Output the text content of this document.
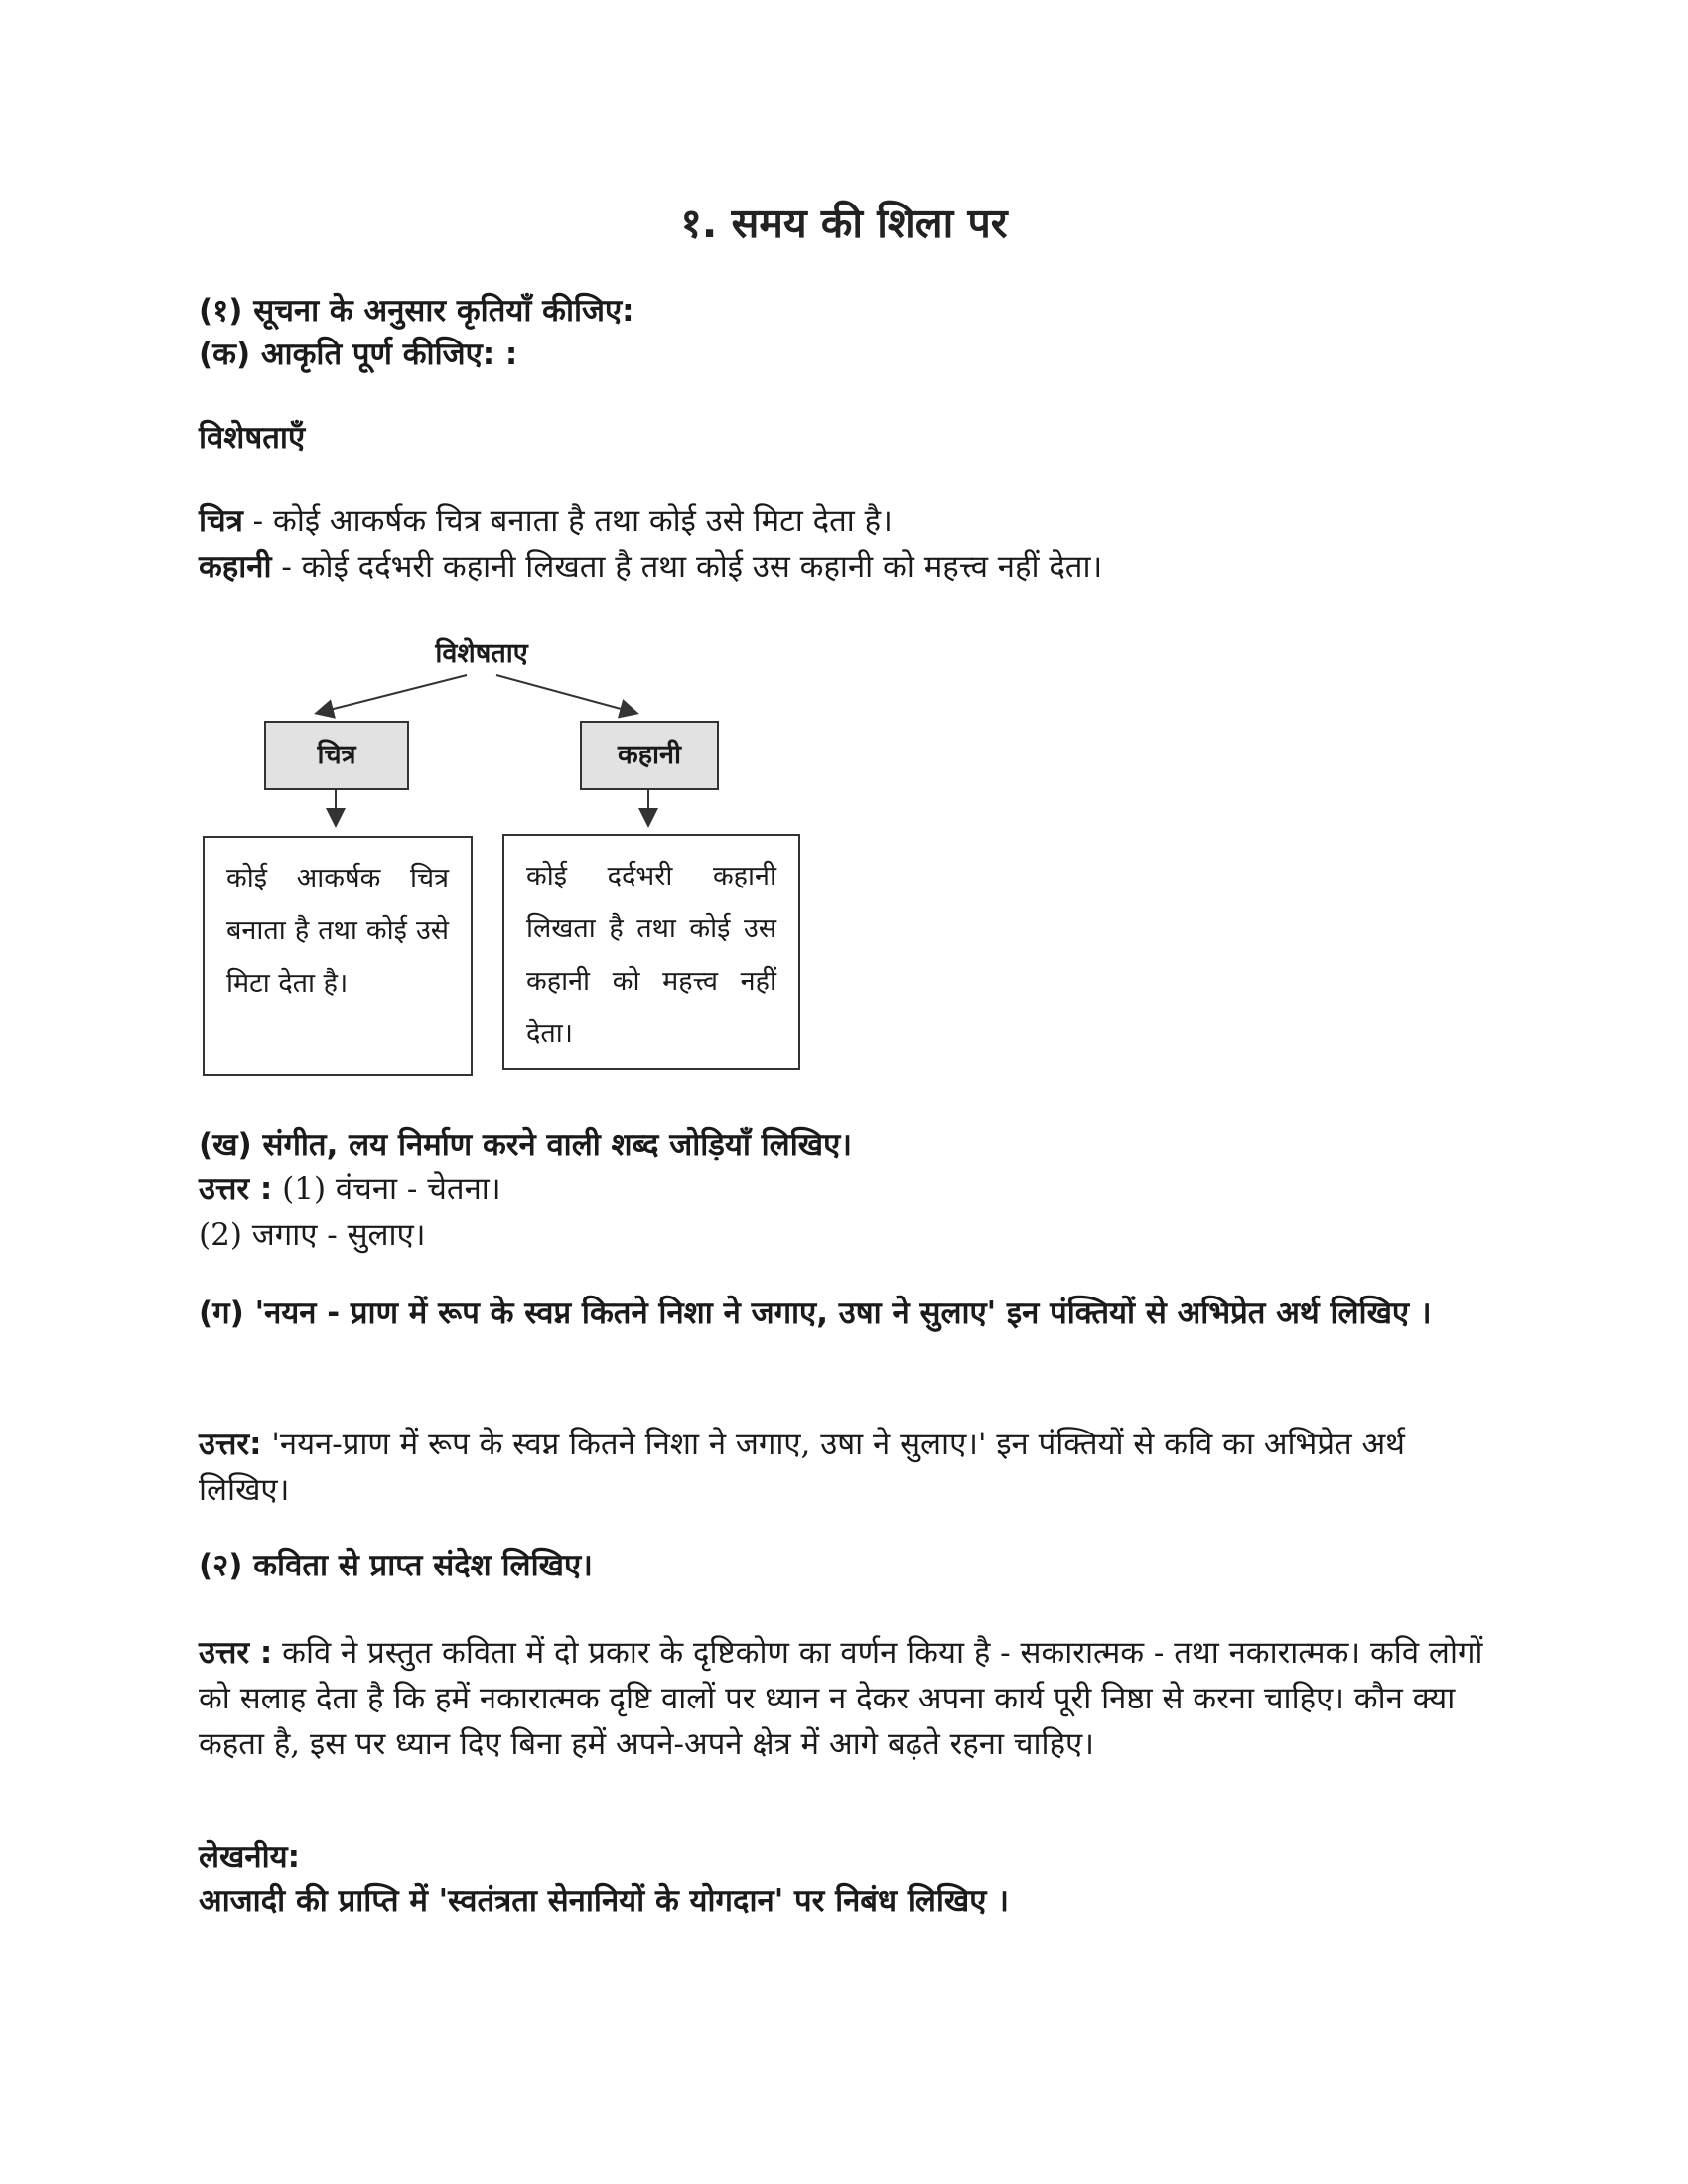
१. समय की शिला पर
(१) सूचना के अनुसार कृतियाँ कीजिए:
(क) आकृति पूर्ण कीजिए: :
विशेषताएँ
चित्र - कोई आकर्षक चित्र बनाता है तथा कोई उसे मिटा देता है।
कहानी - कोई दर्दभरी कहानी लिखता है तथा कोई उस कहानी को महत्त्व नहीं देता।
विशेषताए
चित्र	कहानी
कोई आकर्षक चित्र बनाता है तथा कोई उसे मिटा देता है।
कोई दर्दभरी कहानी लिखता है तथा कोई उस कहानी को महत्त्व नहीं देता।
(ख) संगीत, लय निर्माण करने वाली शब्द जोड़ियाँ लिखिए।
उत्तर : (1) वंचना - चेतना।
(2) जगाए - सुलाए।
(ग) 'नयन - प्राण में रूप के स्वप्न कितने निशा ने जगाए, उषा ने सुलाए' इन पंक्तियों से अभिप्रेत अर्थ लिखिए ।
उत्तर: 'नयन-प्राण में रूप के स्वप्न कितने निशा ने जगाए, उषा ने सुलाए।' इन पंक्तियों से कवि का अभिप्रेत अर्थ लिखिए।
(२) कविता से प्राप्त संदेश लिखिए।
उत्तर : कवि ने प्रस्तुत कविता में दो प्रकार के दृष्टिकोण का वर्णन किया है - सकारात्मक - तथा नकारात्मक। कवि लोगों को सलाह देता है कि हमें नकारात्मक दृष्टि वालों पर ध्यान न देकर अपना कार्य पूरी निष्ठा से करना चाहिए। कौन क्या कहता है, इस पर ध्यान दिए बिना हमें अपने-अपने क्षेत्र में आगे बढ़ते रहना चाहिए।
लेखनीय:
आजादी की प्राप्ति में 'स्वतंत्रता सेनानियों के योगदान' पर निबंध लिखिए ।
